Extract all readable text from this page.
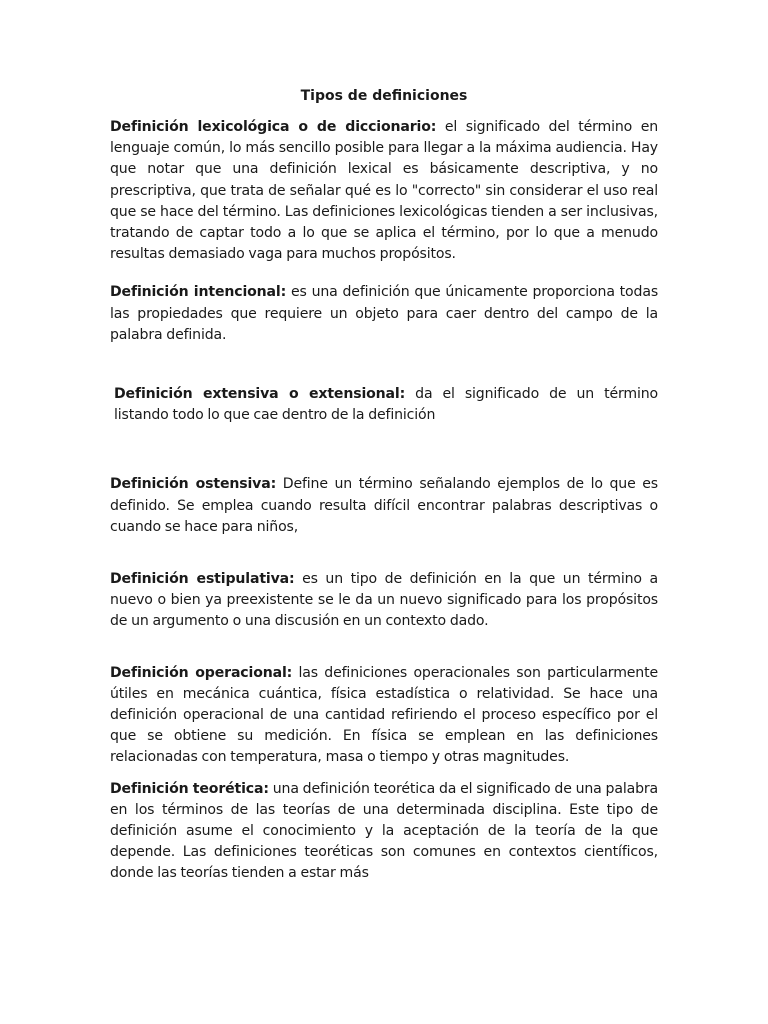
Tipos de definiciones

Definición lexicológica o de diccionario: el significado del término en lenguaje común, lo más sencillo posible para llegar a la máxima audiencia. Hay que notar que una definición lexical es básicamente descriptiva, y no prescriptiva, que trata de señalar qué es lo "correcto" sin considerar el uso real que se hace del término. Las definiciones lexicológicas tienden a ser inclusivas, tratando de captar todo a lo que se aplica el término, por lo que a menudo resultas demasiado vaga para muchos propósitos.

Definición intencional: es una definición que únicamente proporciona todas las propiedades que requiere un objeto para caer dentro del campo de la palabra definida.

Definición extensiva o extensional: da el significado de un término listando todo lo que cae dentro de la definición

Definición ostensiva: Define un término señalando ejemplos de lo que es definido. Se emplea cuando resulta difícil encontrar palabras descriptivas o cuando se hace para niños,

Definición estipulativa: es un tipo de definición en la que un término a nuevo o bien ya preexistente se le da un nuevo significado para los propósitos de un argumento o una discusión en un contexto dado.

Definición operacional: las definiciones operacionales son particularmente útiles en mecánica cuántica, física estadística o relatividad. Se hace una definición operacional de una cantidad refiriendo el proceso específico por el que se obtiene su medición. En física se emplean en las definiciones relacionadas con temperatura, masa o tiempo y otras magnitudes.

Definición teorética: una definición teorética da el significado de una palabra en los términos de las teorías de una determinada disciplina. Este tipo de definición asume el conocimiento y la aceptación de la teoría de la que depende. Las definiciones teoréticas son comunes en contextos científicos, donde las teorías tienden a estar más
